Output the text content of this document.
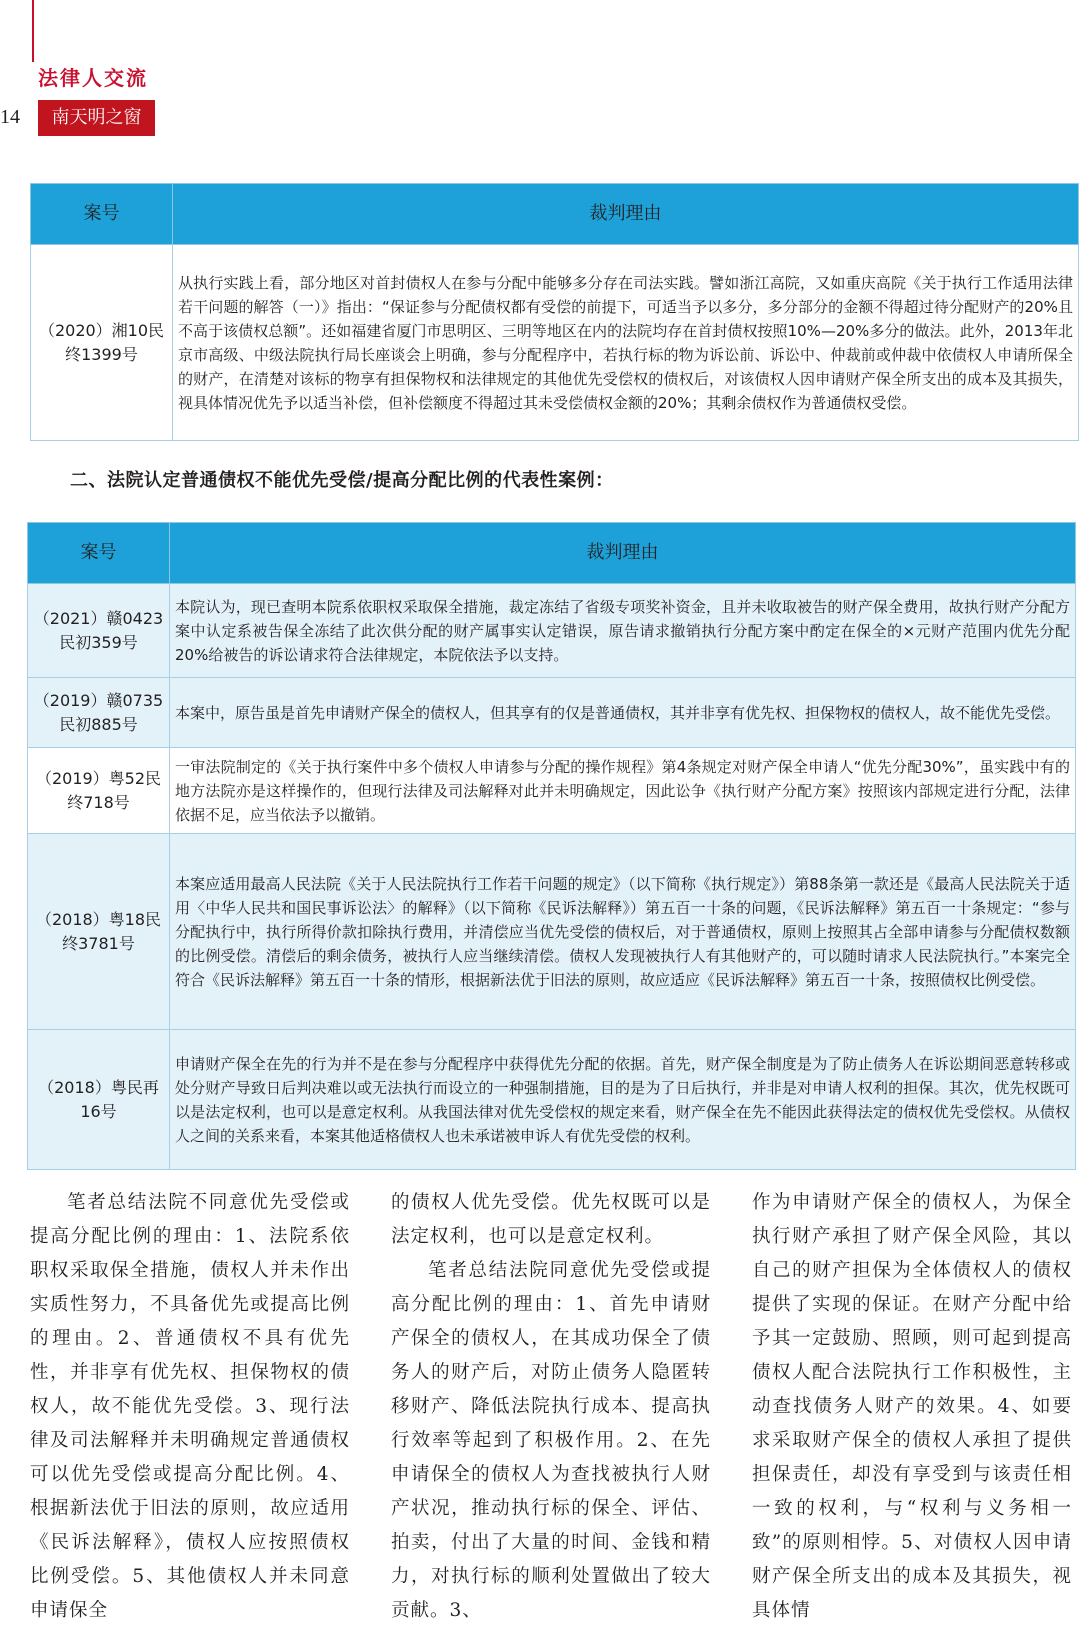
法律人交流
14	南天明之窗
案号	裁判理由
（2020）湘10民终1399号	从执行实践上看，部分地区对首封债权人在参与分配中能够多分存在司法实践。譬如浙江高院，又如重庆高院《关于执行工作适用法律若干问题的解答（一）》指出：“保证参与分配债权都有受偿的前提下，可适当予以多分，多分部分的金额不得超过待分配财产的20%且不高于该债权总额”。还如福建省厦门市思明区、三明等地区在内的法院均存在首封债权按照10%—20%多分的做法。此外，2013年北京市高级、中级法院执行局长座谈会上明确，参与分配程序中，若执行标的物为诉讼前、诉讼中、仲裁前或仲裁中依债权人申请所保全的财产，在清楚对该标的物享有担保物权和法律规定的其他优先受偿权的债权后，对该债权人因申请财产保全所支出的成本及其损失，视具体情况优先予以适当补偿，但补偿额度不得超过其未受偿债权金额的20%；其剩余债权作为普通债权受偿。
二、法院认定普通债权不能优先受偿/提高分配比例的代表性案例：
案号	裁判理由
（2021）赣0423民初359号	本院认为，现已查明本院系依职权采取保全措施，裁定冻结了省级专项奖补资金，且并未收取被告的财产保全费用，故执行财产分配方案中认定系被告保全冻结了此次供分配的财产属事实认定错误，原告请求撤销执行分配方案中酌定在保全的×元财产范围内优先分配20%给被告的诉讼请求符合法律规定，本院依法予以支持。
（2019）赣0735民初885号	本案中，原告虽是首先申请财产保全的债权人，但其享有的仅是普通债权，其并非享有优先权、担保物权的债权人，故不能优先受偿。
（2019）粤52民终718号	一审法院制定的《关于执行案件中多个债权人申请参与分配的操作规程》第4条规定对财产保全申请人“优先分配30%”，虽实践中有的地方法院亦是这样操作的，但现行法律及司法解释对此并未明确规定，因此讼争《执行财产分配方案》按照该内部规定进行分配，法律依据不足，应当依法予以撤销。
（2018）粤18民终3781号	本案应适用最高人民法院《关于人民法院执行工作若干问题的规定》（以下简称《执行规定》）第88条第一款还是《最高人民法院关于适用〈中华人民共和国民事诉讼法〉的解释》（以下简称《民诉法解释》）第五百一十条的问题，《民诉法解释》第五百一十条规定：“参与分配执行中，执行所得价款扣除执行费用，并清偿应当优先受偿的债权后，对于普通债权，原则上按照其占全部申请参与分配债权数额的比例受偿。清偿后的剩余债务，被执行人应当继续清偿。债权人发现被执行人有其他财产的，可以随时请求人民法院执行。”本案完全符合《民诉法解释》第五百一十条的情形，根据新法优于旧法的原则，故应适应《民诉法解释》第五百一十条，按照债权比例受偿。
（2018）粤民再16号	申请财产保全在先的行为并不是在参与分配程序中获得优先分配的依据。首先，财产保全制度是为了防止债务人在诉讼期间恶意转移或处分财产导致日后判决难以或无法执行而设立的一种强制措施，目的是为了日后执行，并非是对申请人权利的担保。其次，优先权既可以是法定权利，也可以是意定权利。从我国法律对优先受偿权的规定来看，财产保全在先不能因此获得法定的债权优先受偿权。从债权人之间的关系来看，本案其他适格债权人也未承诺被申诉人有优先受偿的权利。

笔者总结法院不同意优先受偿或提高分配比例的理由：1、法院系依职权采取保全措施，债权人并未作出实质性努力，不具备优先或提高比例的理由。2、普通债权不具有优先性，并非享有优先权、担保物权的债权人，故不能优先受偿。3、现行法律及司法解释并未明确规定普通债权可以优先受偿或提高分配比例。4、根据新法优于旧法的原则，故应适用《民诉法解释》，债权人应按照债权比例受偿。5、其他债权人并未同意申请保全

的债权人优先受偿。优先权既可以是法定权利，也可以是意定权利。

笔者总结法院同意优先受偿或提高分配比例的理由：1、首先申请财产保全的债权人，在其成功保全了债务人的财产后，对防止债务人隐匿转移财产、降低法院执行成本、提高执行效率等起到了积极作用。2、在先申请保全的债权人为查找被执行人财产状况，推动执行标的保全、评估、拍卖，付出了大量的时间、金钱和精力，对执行标的顺利处置做出了较大贡献。3、

作为申请财产保全的债权人，为保全执行财产承担了财产保全风险，其以自己的财产担保为全体债权人的债权提供了实现的保证。在财产分配中给予其一定鼓励、照顾，则可起到提高债权人配合法院执行工作积极性，主动查找债务人财产的效果。4、如要求采取财产保全的债权人承担了提供担保责任，却没有享受到与该责任相一致的权利，与“权利与义务相一致”的原则相悖。5、对债权人因申请财产保全所支出的成本及其损失，视具体情
